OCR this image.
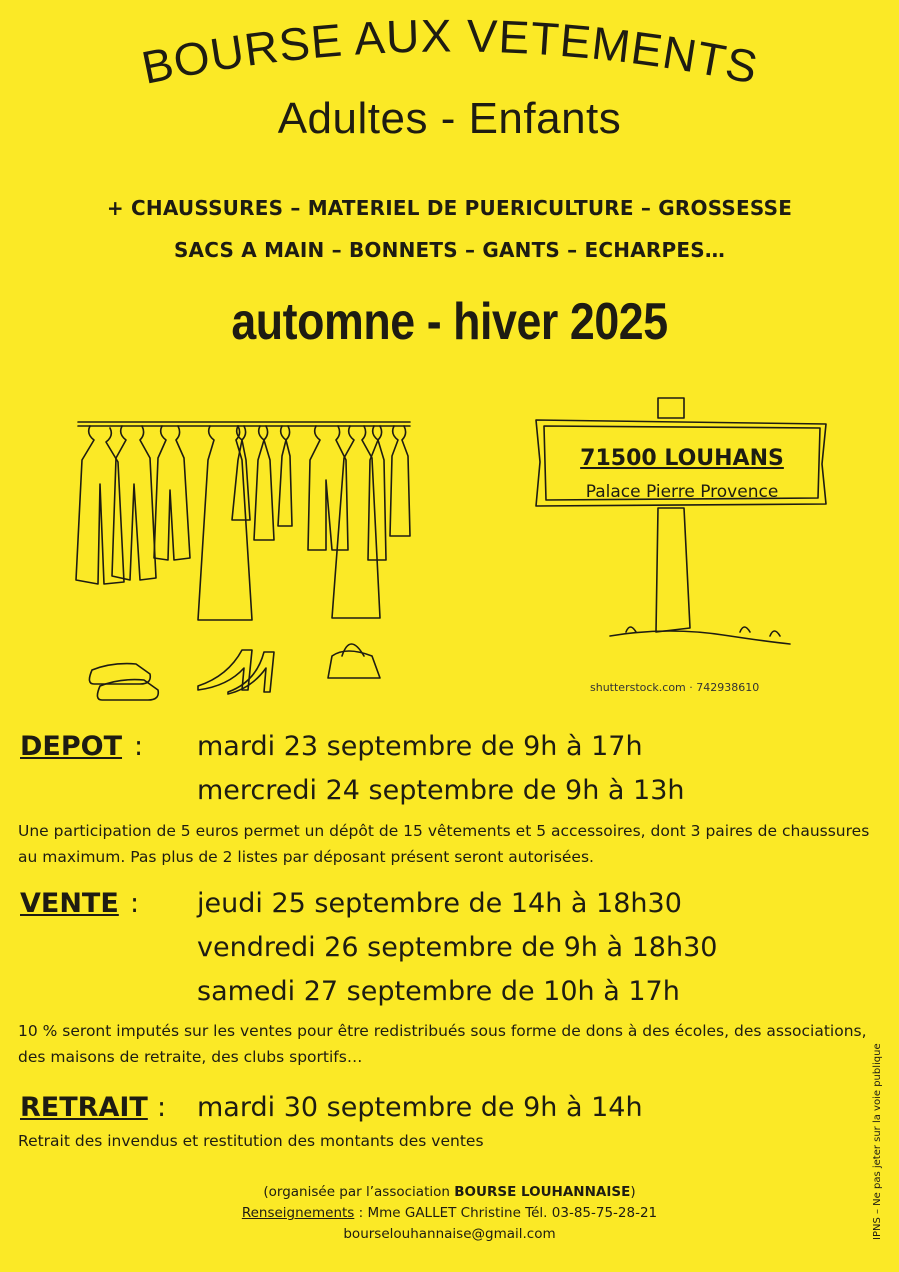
BOURSE AUX VETEMENTS
Adultes - Enfants
+ CHAUSSURES – MATERIEL DE PUERICULTURE – GROSSESSE
SACS A MAIN – BONNETS – GANTS – ECHARPES…
automne - hiver 2025
71500 LOUHANS
Palace Pierre Provence
shutterstock.com · 742938610
DEPOT : mardi 23 septembre de 9h à 17h
mercredi 24 septembre de 9h à 13h
Une participation de 5 euros permet un dépôt de 15 vêtements et 5 accessoires, dont 3 paires de chaussures au maximum. Pas plus de 2 listes par déposant présent seront autorisées.
VENTE : jeudi 25 septembre de 14h à 18h30
vendredi 26 septembre de 9h à 18h30
samedi 27 septembre de 10h à 17h
10 % seront imputés sur les ventes pour être redistribués sous forme de dons à des écoles, des associations, des maisons de retraite, des clubs sportifs…
RETRAIT : mardi 30 septembre de 9h à 14h
Retrait des invendus et restitution des montants des ventes
(organisée par l’association BOURSE LOUHANNAISE)
Renseignements : Mme GALLET Christine Tél. 03-85-75-28-21
bourselouhannaise@gmail.com	IPNS – Ne pas jeter sur la voie publique
